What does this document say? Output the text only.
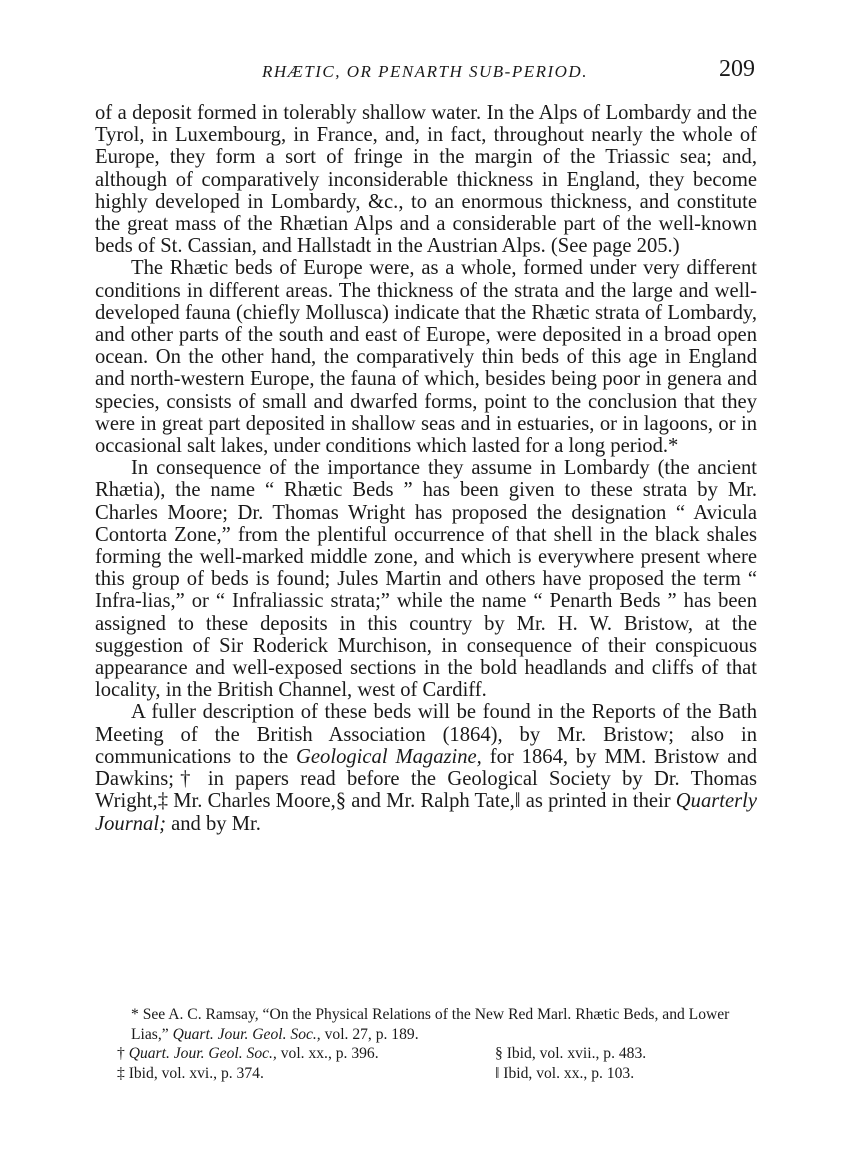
RHÆTIC, OR PENARTH SUB-PERIOD.	209

of a deposit formed in tolerably shallow water. In the Alps of Lombardy and the Tyrol, in Luxembourg, in France, and, in fact, throughout nearly the whole of Europe, they form a sort of fringe in the margin of the Triassic sea; and, although of comparatively inconsiderable thickness in England, they become highly developed in Lombardy, &c., to an enormous thickness, and constitute the great mass of the Rhætian Alps and a considerable part of the well-known beds of St. Cassian, and Hallstadt in the Austrian Alps. (See page 205.)

The Rhætic beds of Europe were, as a whole, formed under very different conditions in different areas. The thickness of the strata and the large and well-developed fauna (chiefly Mollusca) indicate that the Rhætic strata of Lombardy, and other parts of the south and east of Europe, were deposited in a broad open ocean. On the other hand, the comparatively thin beds of this age in England and north-western Europe, the fauna of which, besides being poor in genera and species, consists of small and dwarfed forms, point to the conclusion that they were in great part deposited in shallow seas and in estuaries, or in lagoons, or in occasional salt lakes, under conditions which lasted for a long period.*

In consequence of the importance they assume in Lombardy (the ancient Rhætia), the name “ Rhætic Beds ” has been given to these strata by Mr. Charles Moore; Dr. Thomas Wright has proposed the designation “ Avicula Contorta Zone,” from the plentiful occurrence of that shell in the black shales forming the well-marked middle zone, and which is everywhere present where this group of beds is found; Jules Martin and others have proposed the term “ Infra-lias,” or “ Infraliassic strata;” while the name “ Penarth Beds ” has been assigned to these deposits in this country by Mr. H. W. Bristow, at the suggestion of Sir Roderick Murchison, in consequence of their conspicuous appearance and well-exposed sections in the bold headlands and cliffs of that locality, in the British Channel, west of Cardiff.

A fuller description of these beds will be found in the Reports of the Bath Meeting of the British Association (1864), by Mr. Bristow; also in communications to the Geological Magazine, for 1864, by MM. Bristow and Dawkins;† in papers read before the Geological Society by Dr. Thomas Wright,‡ Mr. Charles Moore,§ and Mr. Ralph Tate,‖ as printed in their Quarterly Journal; and by Mr.

* See A. C. Ramsay, “On the Physical Relations of the New Red Marl. Rhætic Beds, and Lower Lias,” Quart. Jour. Geol. Soc., vol. 27, p. 189.

† Quart. Jour. Geol. Soc., vol. xx., p. 396.	§ Ibid, vol. xvii., p. 483.
‡ Ibid, vol. xvi., p. 374.	‖ Ibid, vol. xx., p. 103.
